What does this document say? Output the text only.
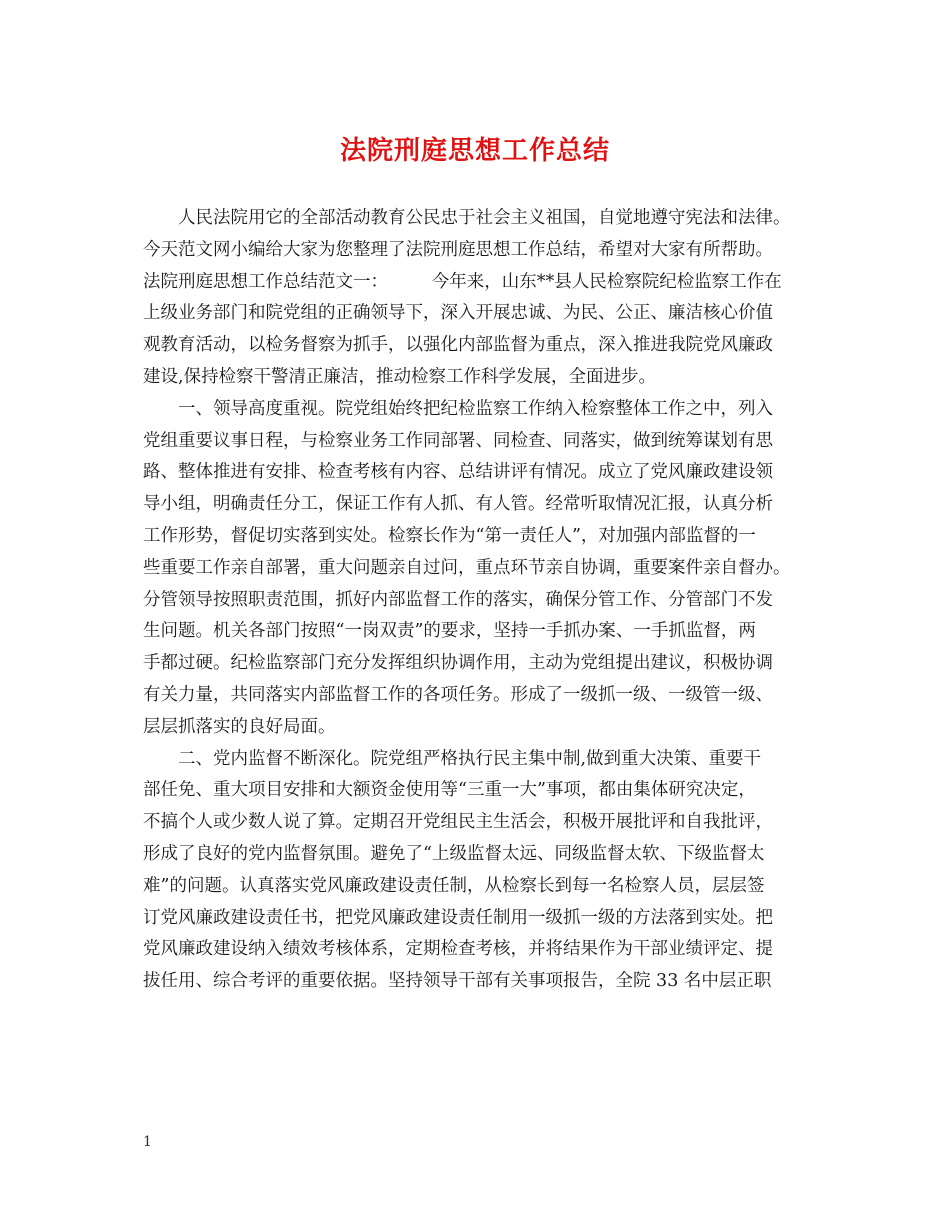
法院刑庭思想工作总结
人民法院用它的全部活动教育公民忠于社会主义祖国，自觉地遵守宪法和法律。
今天范文网小编给大家为您整理了法院刑庭思想工作总结，希望对大家有所帮助。
法院刑庭思想工作总结范文一：　　　今年来，山东**县人民检察院纪检监察工作在
上级业务部门和院党组的正确领导下，深入开展忠诚、为民、公正、廉洁核心价值
观教育活动，以检务督察为抓手，以强化内部监督为重点，深入推进我院党风廉政
建设,保持检察干警清正廉洁，推动检察工作科学发展，全面进步。
一、领导高度重视。院党组始终把纪检监察工作纳入检察整体工作之中，列入
党组重要议事日程，与检察业务工作同部署、同检查、同落实，做到统筹谋划有思
路、整体推进有安排、检查考核有内容、总结讲评有情况。成立了党风廉政建设领
导小组，明确责任分工，保证工作有人抓、有人管。经常听取情况汇报，认真分析
工作形势，督促切实落到实处。检察长作为“第一责任人”，对加强内部监督的一
些重要工作亲自部署，重大问题亲自过问，重点环节亲自协调，重要案件亲自督办。
分管领导按照职责范围，抓好内部监督工作的落实，确保分管工作、分管部门不发
生问题。机关各部门按照“一岗双责”的要求，坚持一手抓办案、一手抓监督，两
手都过硬。纪检监察部门充分发挥组织协调作用，主动为党组提出建议，积极协调
有关力量，共同落实内部监督工作的各项任务。形成了一级抓一级、一级管一级、
层层抓落实的良好局面。
二、党内监督不断深化。院党组严格执行民主集中制,做到重大决策、重要干
部任免、重大项目安排和大额资金使用等“三重一大”事项，都由集体研究决定，
不搞个人或少数人说了算。定期召开党组民主生活会，积极开展批评和自我批评，
形成了良好的党内监督氛围。避免了“上级监督太远、同级监督太软、下级监督太
难”的问题。认真落实党风廉政建设责任制，从检察长到每一名检察人员，层层签
订党风廉政建设责任书，把党风廉政建设责任制用一级抓一级的方法落到实处。把
党风廉政建设纳入绩效考核体系，定期检查考核，并将结果作为干部业绩评定、提
拔任用、综合考评的重要依据。坚持领导干部有关事项报告，全院 33 名中层正职
1
